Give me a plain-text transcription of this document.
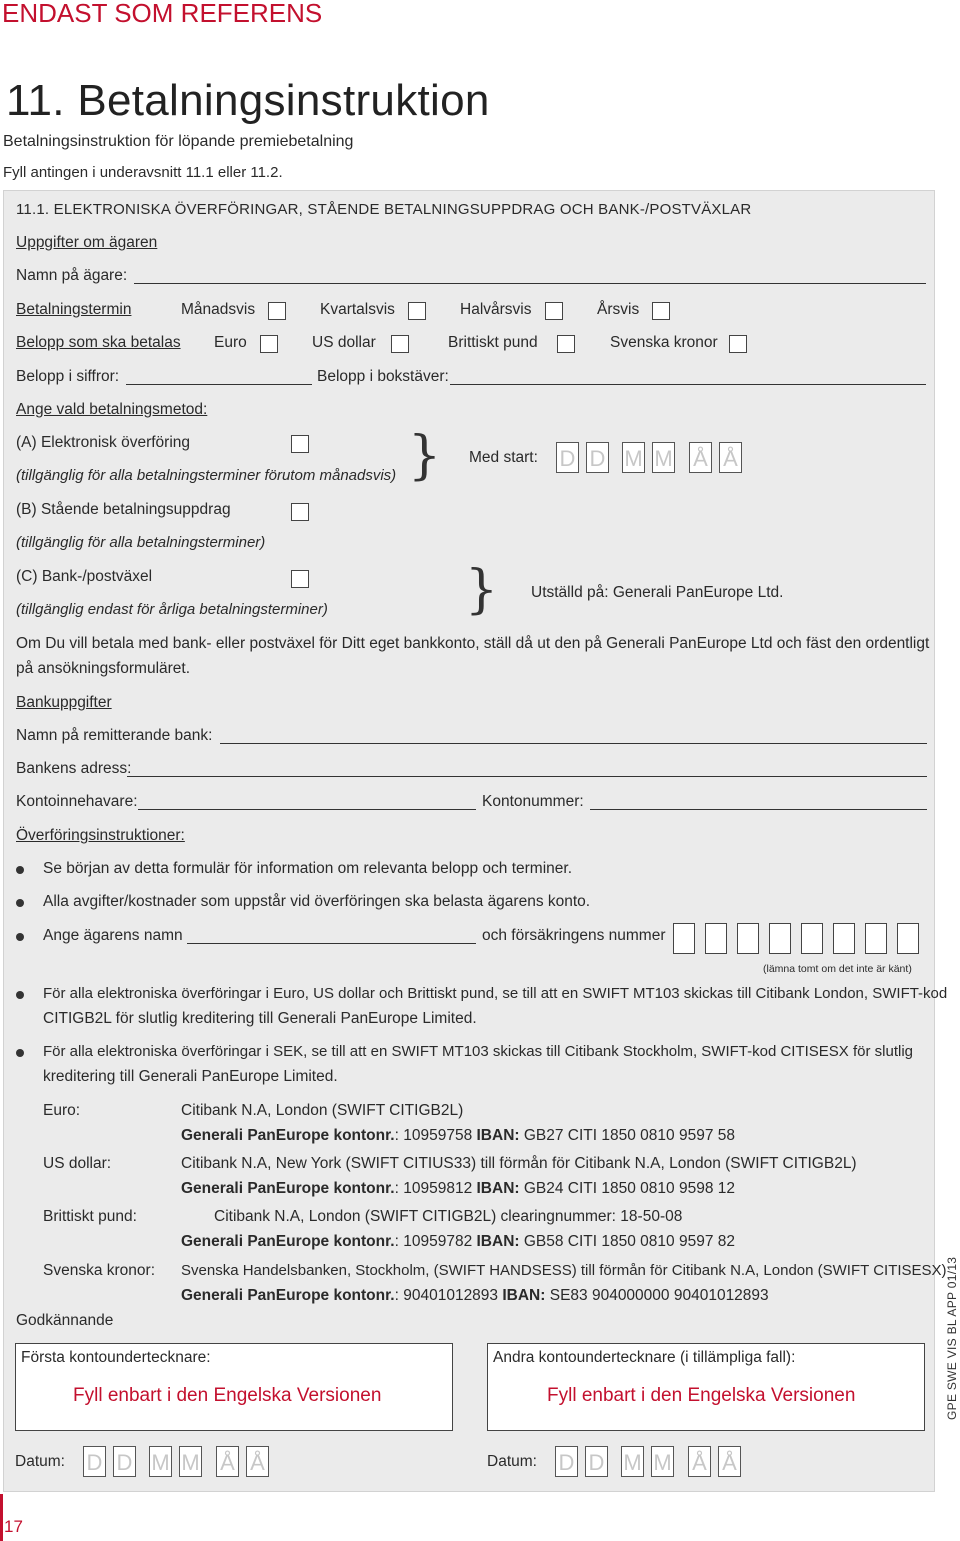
ENDAST SOM REFERENS
11. Betalningsinstruktion
Betalningsinstruktion för löpande premiebetalning
Fyll antingen i underavsnitt 11.1 eller 11.2.
11.1. ELEKTRONISKA ÖVERFÖRINGAR, STÅENDE BETALNINGSUPPDRAG OCH BANK-/POSTVÄXLAR
Uppgifter om ägaren
Namn på ägare:
Betalningstermin	Månadsvis	Kvartalsvis	Halvårsvis	Årsvis
Belopp som ska betalas Euro	US dollar	Brittiskt pund	Svenska kronor
Belopp i siffror:	Belopp i bokstäver:
Ange vald betalningsmetod:
(A) Elektronisk överföring
(tillgänglig för alla betalningsterminer förutom månadsvis) } Med start: D D M M Å Å
(B) Stående betalningsuppdrag
(tillgänglig för alla betalningsterminer)
(C) Bank-/postväxel
(tillgänglig endast för årliga betalningsterminer)	} Utställd på: Generali PanEurope Ltd.
Om Du vill betala med bank- eller postväxel för Ditt eget bankkonto, ställ då ut den på Generali PanEurope Ltd och fäst den ordentligt
på ansökningsformuläret.
Bankuppgifter
Namn på remitterande bank:
Bankens adress:
Kontoinnehavare:	Kontonummer:
Överföringsinstruktioner:
Se början av detta formulär för information om relevanta belopp och terminer.
Alla avgifter/kostnader som uppstår vid överföringen ska belasta ägarens konto.
Ange ägarens namn	och försäkringens nummer
(lämna tomt om det inte är känt)
För alla elektroniska överföringar i Euro, US dollar och Brittiskt pund, se till att en SWIFT MT103 skickas till Citibank London, SWIFT-kod
CITIGB2L för slutlig kreditering till Generali PanEurope Limited.
För alla elektroniska överföringar i SEK, se till att en SWIFT MT103 skickas till Citibank Stockholm, SWIFT-kod CITISESX för slutlig
kreditering till Generali PanEurope Limited.
Euro:	Citibank N.A, London (SWIFT CITIGB2L)
Generali PanEurope kontonr.: 10959758 IBAN: GB27 CITI 1850 0810 9597 58
US dollar:	Citibank N.A, New York (SWIFT CITIUS33) till förmån för Citibank N.A, London (SWIFT CITIGB2L)
Generali PanEurope kontonr.: 10959812 IBAN: GB24 CITI 1850 0810 9598 12
Brittiskt pund:	Citibank N.A, London (SWIFT CITIGB2L) clearingnummer: 18-50-08
Generali PanEurope kontonr.: 10959782 IBAN: GB58 CITI 1850 0810 9597 82
Svenska kronor: Svenska Handelsbanken, Stockholm, (SWIFT HANDSESS) till förmån för Citibank N.A, London (SWIFT CITISESX)
Generali PanEurope kontonr.: 90401012893 IBAN: SE83 904000000 90401012893
Godkännande
Första kontoundertecknare:
Fyll enbart i den Engelska Versionen
Andra kontoundertecknare (i tillämpliga fall):
Fyll enbart i den Engelska Versionen
Datum: D D M M Å Å	Datum: D D M M Å Å
GPE SWE VIS BL APP 01/13
17
